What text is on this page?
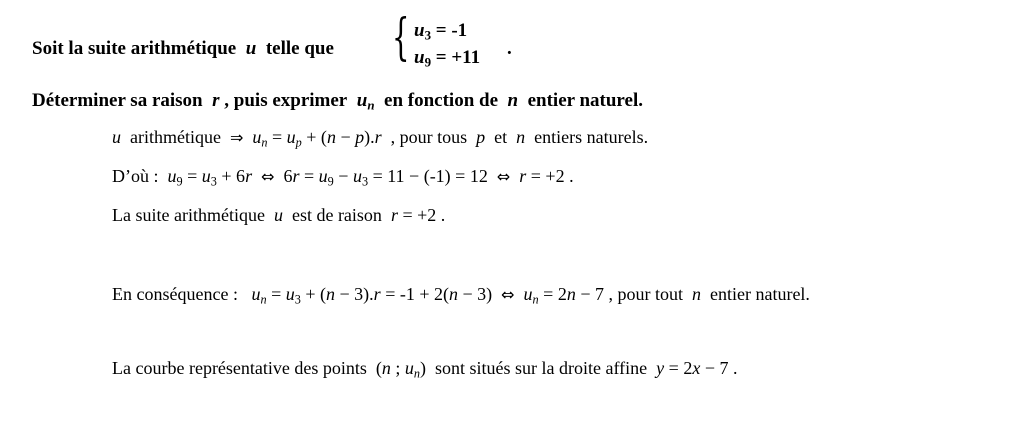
Soit la suite arithmétique u telle que { $u_3 = -1$
$u_9 = +11$ .
Déterminer sa raison r , puis exprimer $u_n$ en fonction de n entier naturel.
u arithmétique ⇒ $u_n = u_p + (n - p).r$ , pour tous p et n entiers naturels.
D’où : $u_9 = u_3 + 6r$ ⇔ $6r = u_9 - u_3 = 11 - (-1) = 12$ ⇔ r = +2 .
La suite arithmétique u est de raison r = +2 .
En conséquence : $u_n = u_3 + (n - 3).r = -1 + 2(n - 3)$ ⇔ $u_n = 2n - 7$ , pour tout n entier naturel.
La courbe représentative des points (n ; $u_n$) sont situés sur la droite affine y = 2x − 7 .
